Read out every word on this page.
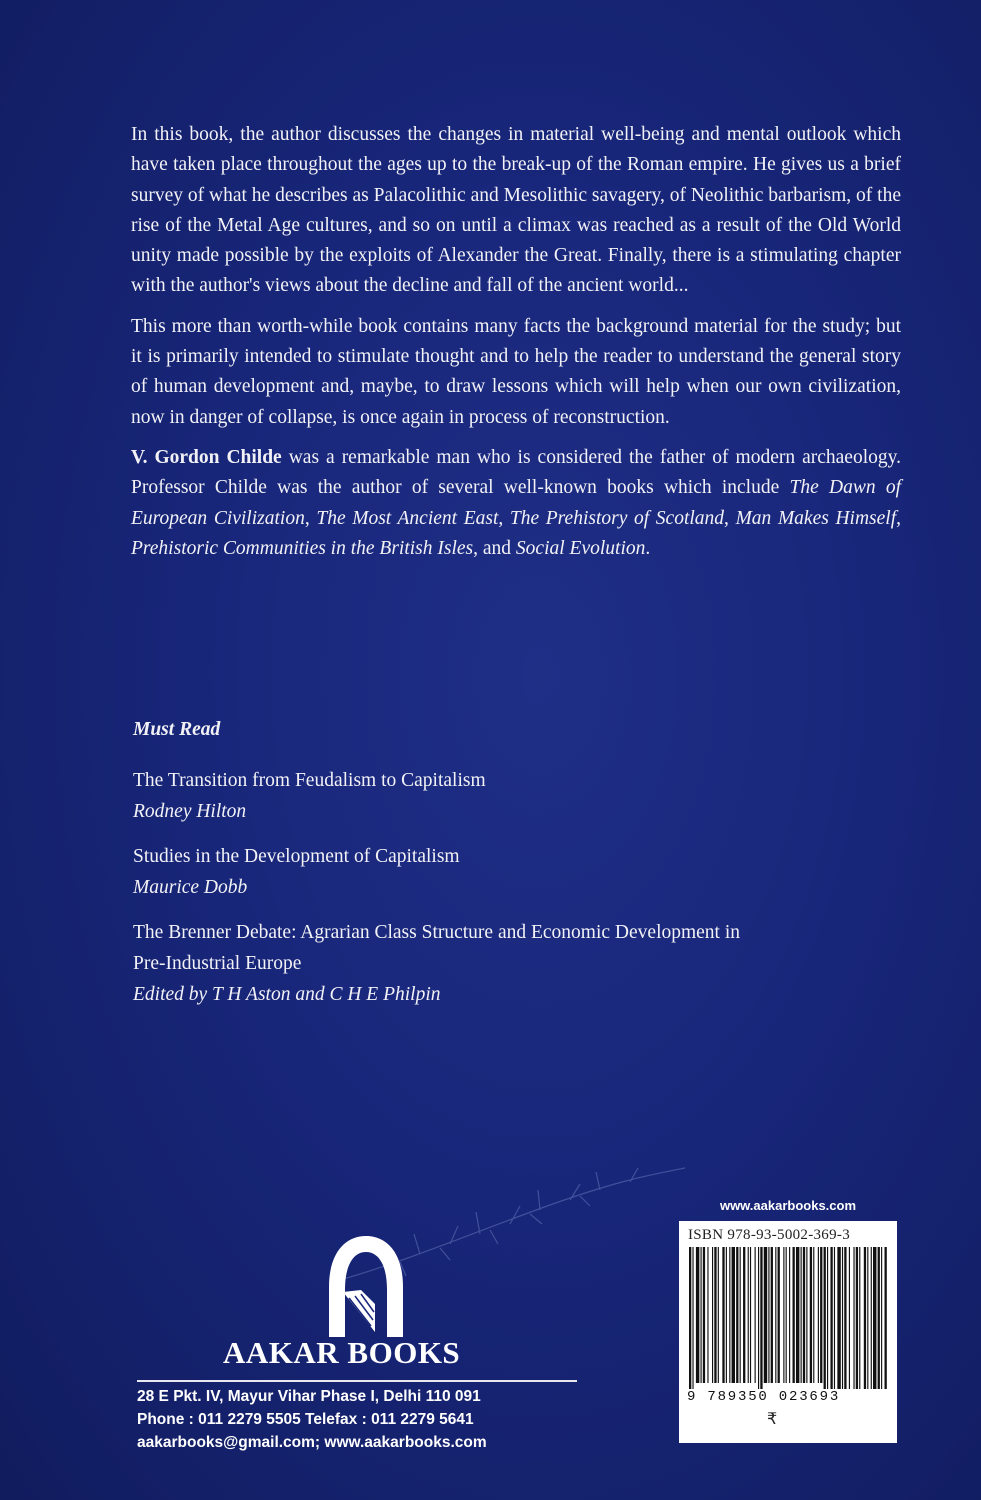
In this book, the author discusses the changes in material well-being and mental outlook which have taken place throughout the ages up to the break-up of the Roman empire. He gives us a brief survey of what he describes as Palacolithic and Mesolithic savagery, of Neolithic barbarism, of the rise of the Metal Age cultures, and so on until a climax was reached as a result of the Old World unity made possible by the exploits of Alexander the Great. Finally, there is a stimulating chapter with the author's views about the decline and fall of the ancient world...

This more than worth-while book contains many facts the background material for the study; but it is primarily intended to stimulate thought and to help the reader to understand the general story of human development and, maybe, to draw lessons which will help when our own civilization, now in danger of collapse, is once again in process of reconstruction.

V. Gordon Childe was a remarkable man who is considered the father of modern archaeology. Professor Childe was the author of several well-known books which include The Dawn of European Civilization, The Most Ancient East, The Prehistory of Scotland, Man Makes Himself, Prehistoric Communities in the British Isles, and Social Evolution.

Must Read
The Transition from Feudalism to Capitalism
Rodney Hilton
Studies in the Development of Capitalism
Maurice Dobb
The Brenner Debate: Agrarian Class Structure and Economic Development in Pre-Industrial Europe
Edited by T H Aston and C H E Philpin
AAKAR BOOKS
28 E Pkt. IV, Mayur Vihar Phase I, Delhi 110 091
Phone : 011 2279 5505 Telefax : 011 2279 5641
aakarbooks@gmail.com; www.aakarbooks.com
www.aakarbooks.com
ISBN 978-93-5002-369-3
9 789350 023693
₹
